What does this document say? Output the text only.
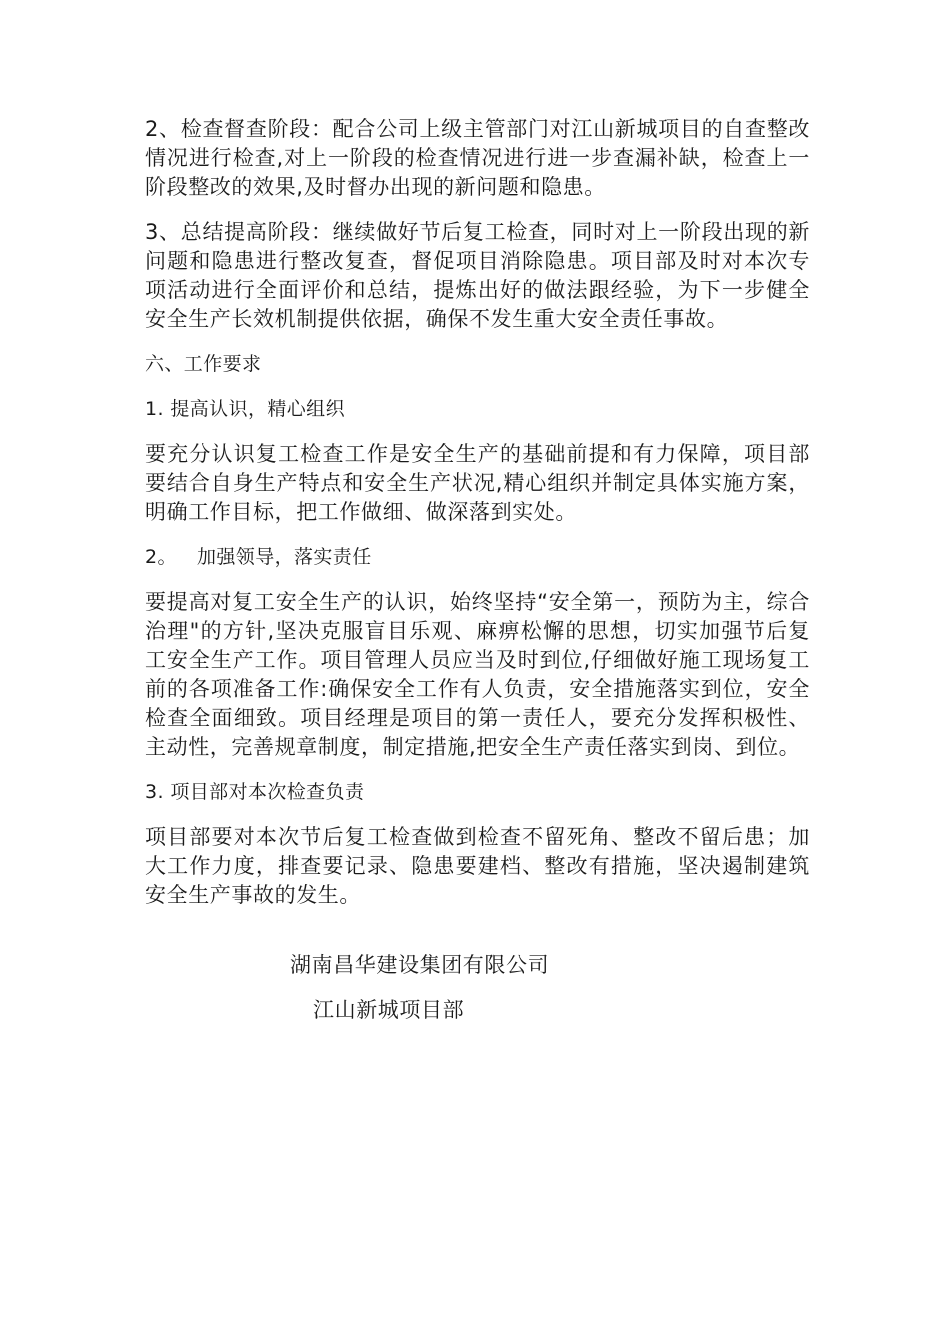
2、检查督查阶段：配合公司上级主管部门对江山新城项目的自查整改情况进行检查,对上一阶段的检查情况进行进一步查漏补缺，检查上一阶段整改的效果,及时督办出现的新问题和隐患。

3、总结提高阶段：继续做好节后复工检查，同时对上一阶段出现的新问题和隐患进行整改复查，督促项目消除隐患。项目部及时对本次专项活动进行全面评价和总结，提炼出好的做法跟经验，为下一步健全安全生产长效机制提供依据，确保不发生重大安全责任事故。

六、工作要求

1. 提高认识，精心组织

要充分认识复工检查工作是安全生产的基础前提和有力保障，项目部要结合自身生产特点和安全生产状况,精心组织并制定具体实施方案，明确工作目标，把工作做细、做深落到实处。

2。 加强领导，落实责任

要提高对复工安全生产的认识，始终坚持“安全第一，预防为主，综合治理"的方针,坚决克服盲目乐观、麻痹松懈的思想，切实加强节后复工安全生产工作。项目管理人员应当及时到位,仔细做好施工现场复工前的各项准备工作:确保安全工作有人负责，安全措施落实到位，安全检查全面细致。项目经理是项目的第一责任人，要充分发挥积极性、主动性，完善规章制度，制定措施,把安全生产责任落实到岗、到位。

3. 项目部对本次检查负责

项目部要对本次节后复工检查做到检查不留死角、整改不留后患；加大工作力度，排查要记录、隐患要建档、整改有措施，坚决遏制建筑安全生产事故的发生。

湖南昌华建设集团有限公司
江山新城项目部
